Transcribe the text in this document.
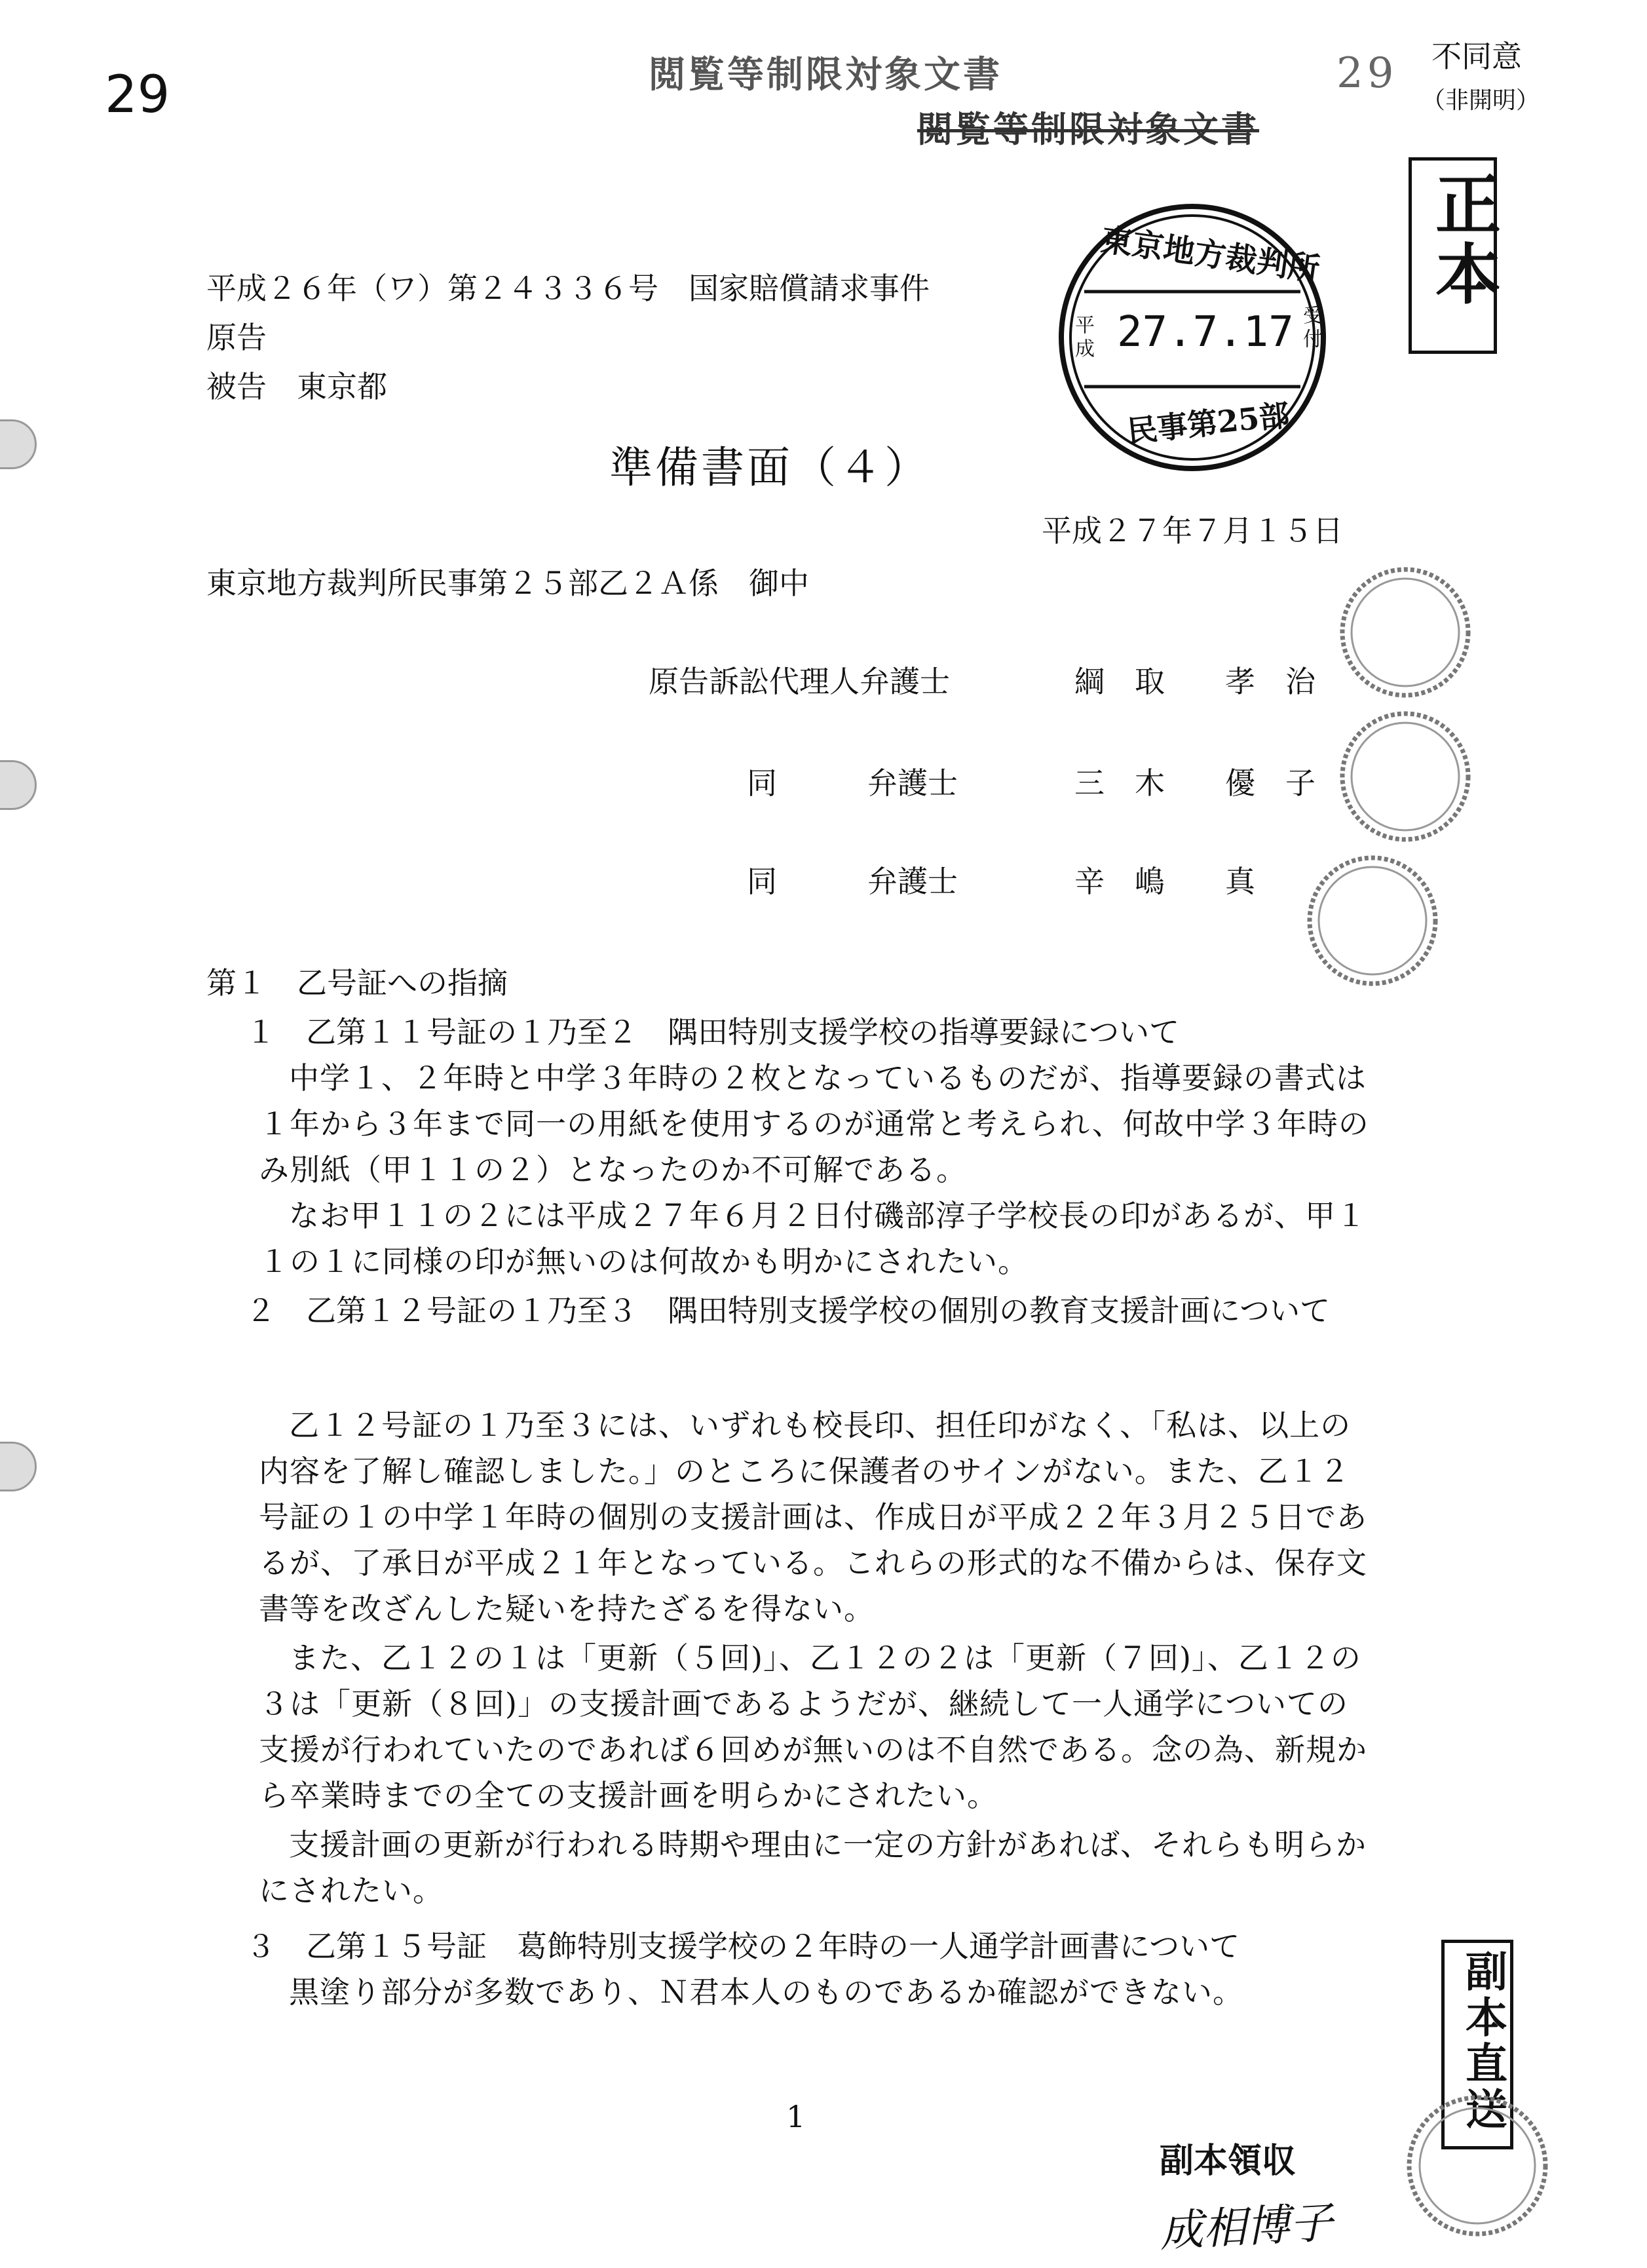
29	閲覧等制限対象文書
閲覧等制限対象文書
29 不同意
（非開明）
正本
東京地方裁判所
平成 27.7.17 受付
民事第25部
平成２６年（ワ）第２４３３６号　国家賠償請求事件
原告
被告　東京都
準備書面（４）
平成２７年７月１５日
東京地方裁判所民事第２５部乙２Ａ係　御中
原告訴訟代理人弁護士	綱　取　　孝　治
同　　　弁護士	三　木　　優　子
同　　　弁護士	辛　嶋　　真
第１　乙号証への指摘
１　乙第１１号証の１乃至２　隅田特別支援学校の指導要録について
中学１、２年時と中学３年時の２枚となっているものだが、指導要録の書式は１年から３年まで同一の用紙を使用するのが通常と考えられ、何故中学３年時のみ別紙（甲１１の２）となったのか不可解である。
なお甲１１の２には平成２７年６月２日付磯部淳子学校長の印があるが、甲１１の１に同様の印が無いのは何故かも明かにされたい。
２　乙第１２号証の１乃至３　隅田特別支援学校の個別の教育支援計画について
乙１２号証の１乃至３には、いずれも校長印、担任印がなく、「私は、以上の内容を了解し確認しました。」のところに保護者のサインがない。また、乙１２号証の１の中学１年時の個別の支援計画は、作成日が平成２２年３月２５日であるが、了承日が平成２１年となっている。これらの形式的な不備からは、保存文書等を改ざんした疑いを持たざるを得ない。
また、乙１２の１は「更新（５回)」、乙１２の２は「更新（７回)」、乙１２の３は「更新（８回)」の支援計画であるようだが、継続して一人通学についての支援が行われていたのであれば６回めが無いのは不自然である。念の為、新規から卒業時までの全ての支援計画を明らかにされたい。
支援計画の更新が行われる時期や理由に一定の方針があれば、それらも明らかにされたい。
３　乙第１５号証　葛飾特別支援学校の２年時の一人通学計画書について
黒塗り部分が多数であり、Ｎ君本人のものであるか確認ができない。	副本直送
1
副本領収
成相博子
